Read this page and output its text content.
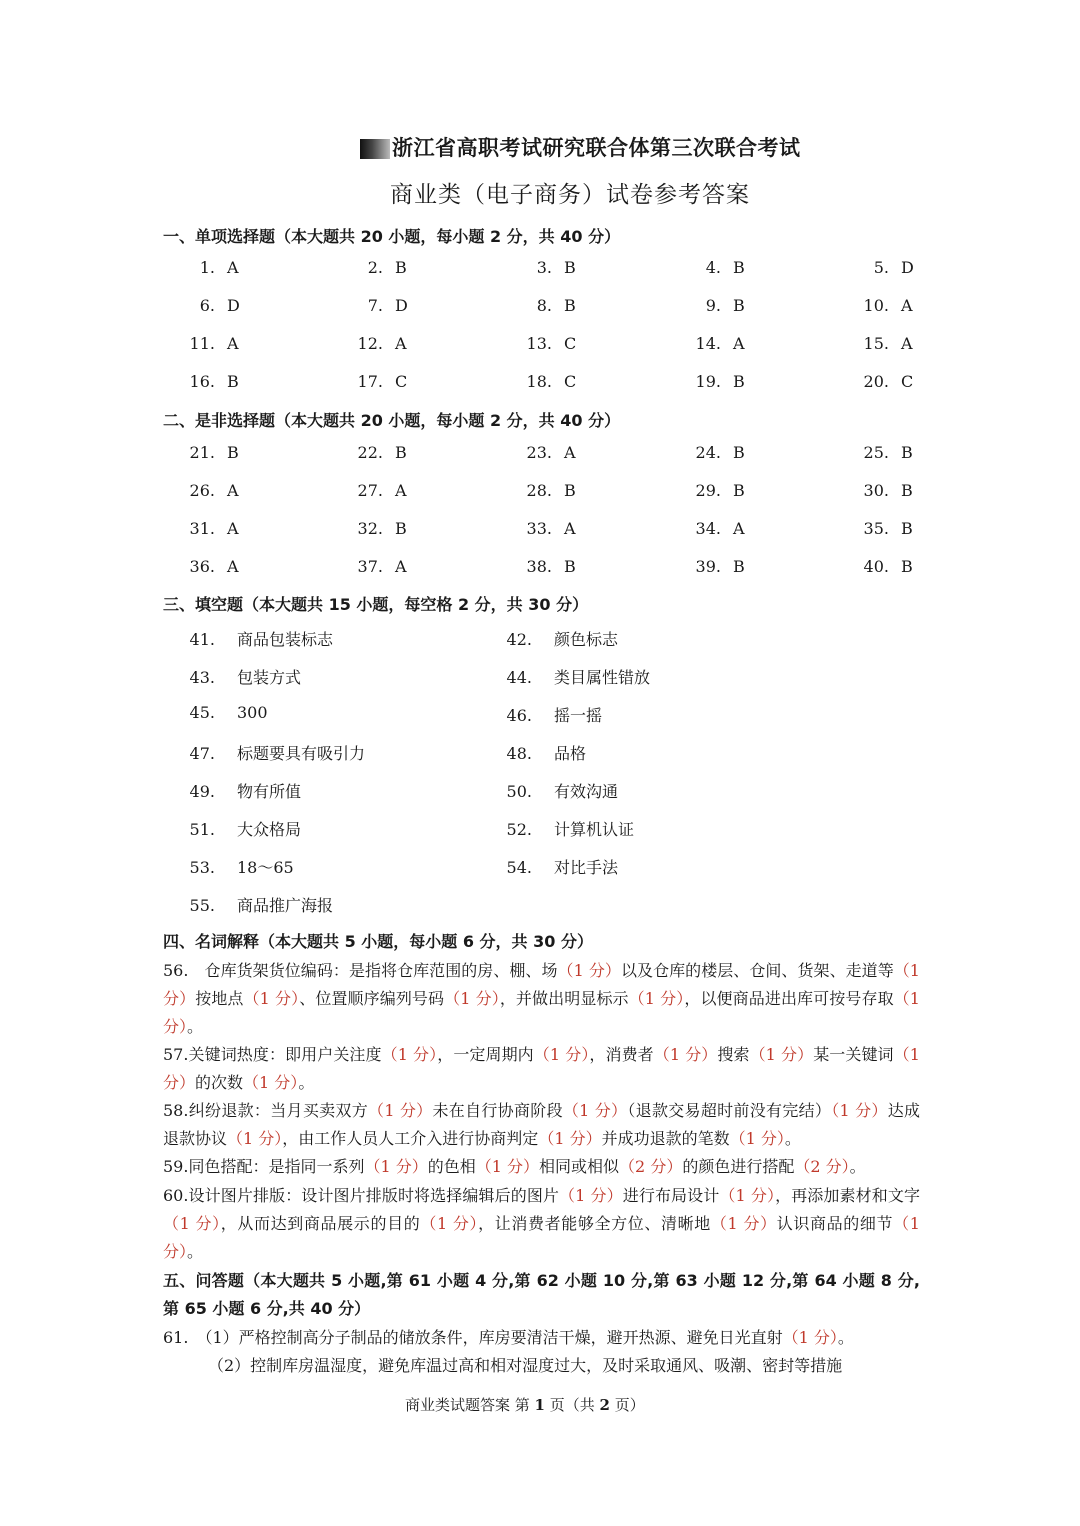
浙江省高职考试研究联合体第三次联合考试
商业类（电子商务）试卷参考答案
一、单项选择题（本大题共 20 小题，每小题 2 分，共 40 分）
1. A	2. B	3. B	4. B	5. D
6. D	7. D	8. B	9. B	10. A
11. A	12. A	13. C	14. A	15. A
16. B	17. C	18. C	19. B	20. C
二、是非选择题（本大题共 20 小题，每小题 2 分，共 40 分）
21. B	22. B	23. A	24. B	25. B
26. A	27. A	28. B	29. B	30. B
31. A	32. B	33. A	34. A	35. B
36. A	37. A	38. B	39. B	40. B
三、填空题（本大题共 15 小题，每空格 2 分，共 30 分）
41. 商品包装标志	42. 颜色标志
43. 包装方式	44. 类目属性错放
45. 300	46. 摇一摇
47. 标题要具有吸引力	48. 品格
49. 物有所值	50. 有效沟通
51. 大众格局	52. 计算机认证
53. 18～65	54. 对比手法
55. 商品推广海报
四、名词解释（本大题共 5 小题，每小题 6 分，共 30 分）
56.　仓库货架货位编码：是指将仓库范围的房、棚、场（1 分）以及仓库的楼层、仓间、货架、走道等（1 分）按地点（1 分）、位置顺序编列号码（1 分），并做出明显标示（1 分），以便商品进出库可按号存取（1 分）。
57.关键词热度：即用户关注度（1 分），一定周期内（1 分），消费者（1 分）搜索（1 分）某一关键词（1 分）的次数（1 分）。
58.纠纷退款：当月买卖双方（1 分）未在自行协商阶段（1 分）（退款交易超时前没有完结）（1 分）达成退款协议（1 分），由工作人员人工介入进行协商判定（1 分）并成功退款的笔数（1 分）。
59.同色搭配：是指同一系列（1 分）的色相（1 分）相同或相似（2 分）的颜色进行搭配（2 分）。
60.设计图片排版：设计图片排版时将选择编辑后的图片（1 分）进行布局设计（1 分），再添加素材和文字（1 分），从而达到商品展示的目的（1 分），让消费者能够全方位、清晰地（1 分）认识商品的细节（1 分）。
五、问答题（本大题共 5 小题,第 61 小题 4 分,第 62 小题 10 分,第 63 小题 12 分,第 64 小题 8 分,第 65 小题 6 分,共 40 分）
61.　（1）严格控制高分子制品的储放条件，库房要清洁干燥，避开热源、避免日光直射（1 分）。
（2）控制库房温湿度，避免库温过高和相对湿度过大，及时采取通风、吸潮、密封等措施
商业类试题答案 第 1 页（共 2 页）
